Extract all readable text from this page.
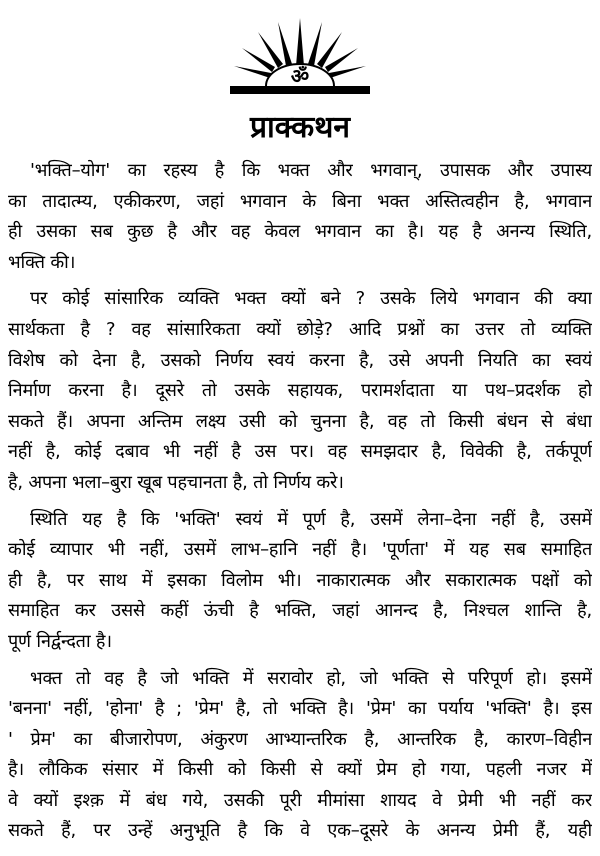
ॐ
प्राक्कथन
'भक्ति–योग' का रहस्य है कि भक्त और भगवान्, उपासक और उपास्य
का तादात्म्य, एकीकरण, जहां भगवान के बिना भक्त अस्तित्वहीन है, भगवान
ही उसका सब कुछ है और वह केवल भगवान का है। यह है अनन्य स्थिति,
भक्ति की।
पर कोई सांसारिक व्यक्ति भक्त क्यों बने ? उसके लिये भगवान की क्या
सार्थकता है ? वह सांसारिकता क्यों छोड़े? आदि प्रश्नों का उत्तर तो व्यक्ति
विशेष को देना है, उसको निर्णय स्वयं करना है, उसे अपनी नियति का स्वयं
निर्माण करना है। दूसरे तो उसके सहायक, परामर्शदाता या पथ–प्रदर्शक हो
सकते हैं। अपना अन्तिम लक्ष्य उसी को चुनना है, वह तो किसी बंधन से बंधा
नहीं है, कोई दबाव भी नहीं है उस पर। वह समझदार है, विवेकी है, तर्कपूर्ण
है, अपना भला–बुरा खूब पहचानता है, तो निर्णय करे।
स्थिति यह है कि 'भक्ति' स्वयं में पूर्ण है, उसमें लेना–देना नहीं है, उसमें
कोई व्यापार भी नहीं, उसमें लाभ–हानि नहीं है। 'पूर्णता' में यह सब समाहित
ही है, पर साथ में इसका विलोम भी। नाकारात्मक और सकारात्मक पक्षों को
समाहित कर उससे कहीं ऊंची है भक्ति, जहां आनन्द है, निश्चल शान्ति है,
पूर्ण निर्द्वन्दता है।
भक्त तो वह है जो भक्ति में सरावोर हो, जो भक्ति से परिपूर्ण हो। इसमें
'बनना' नहीं, 'होना' है ; 'प्रेम' है, तो भक्ति है। 'प्रेम' का पर्याय 'भक्ति' है। इस
' प्रेम' का बीजारोपण, अंकुरण आभ्यान्तरिक है, आन्तरिक है, कारण–विहीन
है। लौकिक संसार में किसी को किसी से क्यों प्रेम हो गया, पहली नजर में
वे क्यों इश्क़ में बंध गये, उसकी पूरी मीमांसा शायद वे प्रेमी भी नहीं कर
सकते हैं, पर उन्हें अनुभूति है कि वे एक–दूसरे के अनन्य प्रेमी हैं, यही
